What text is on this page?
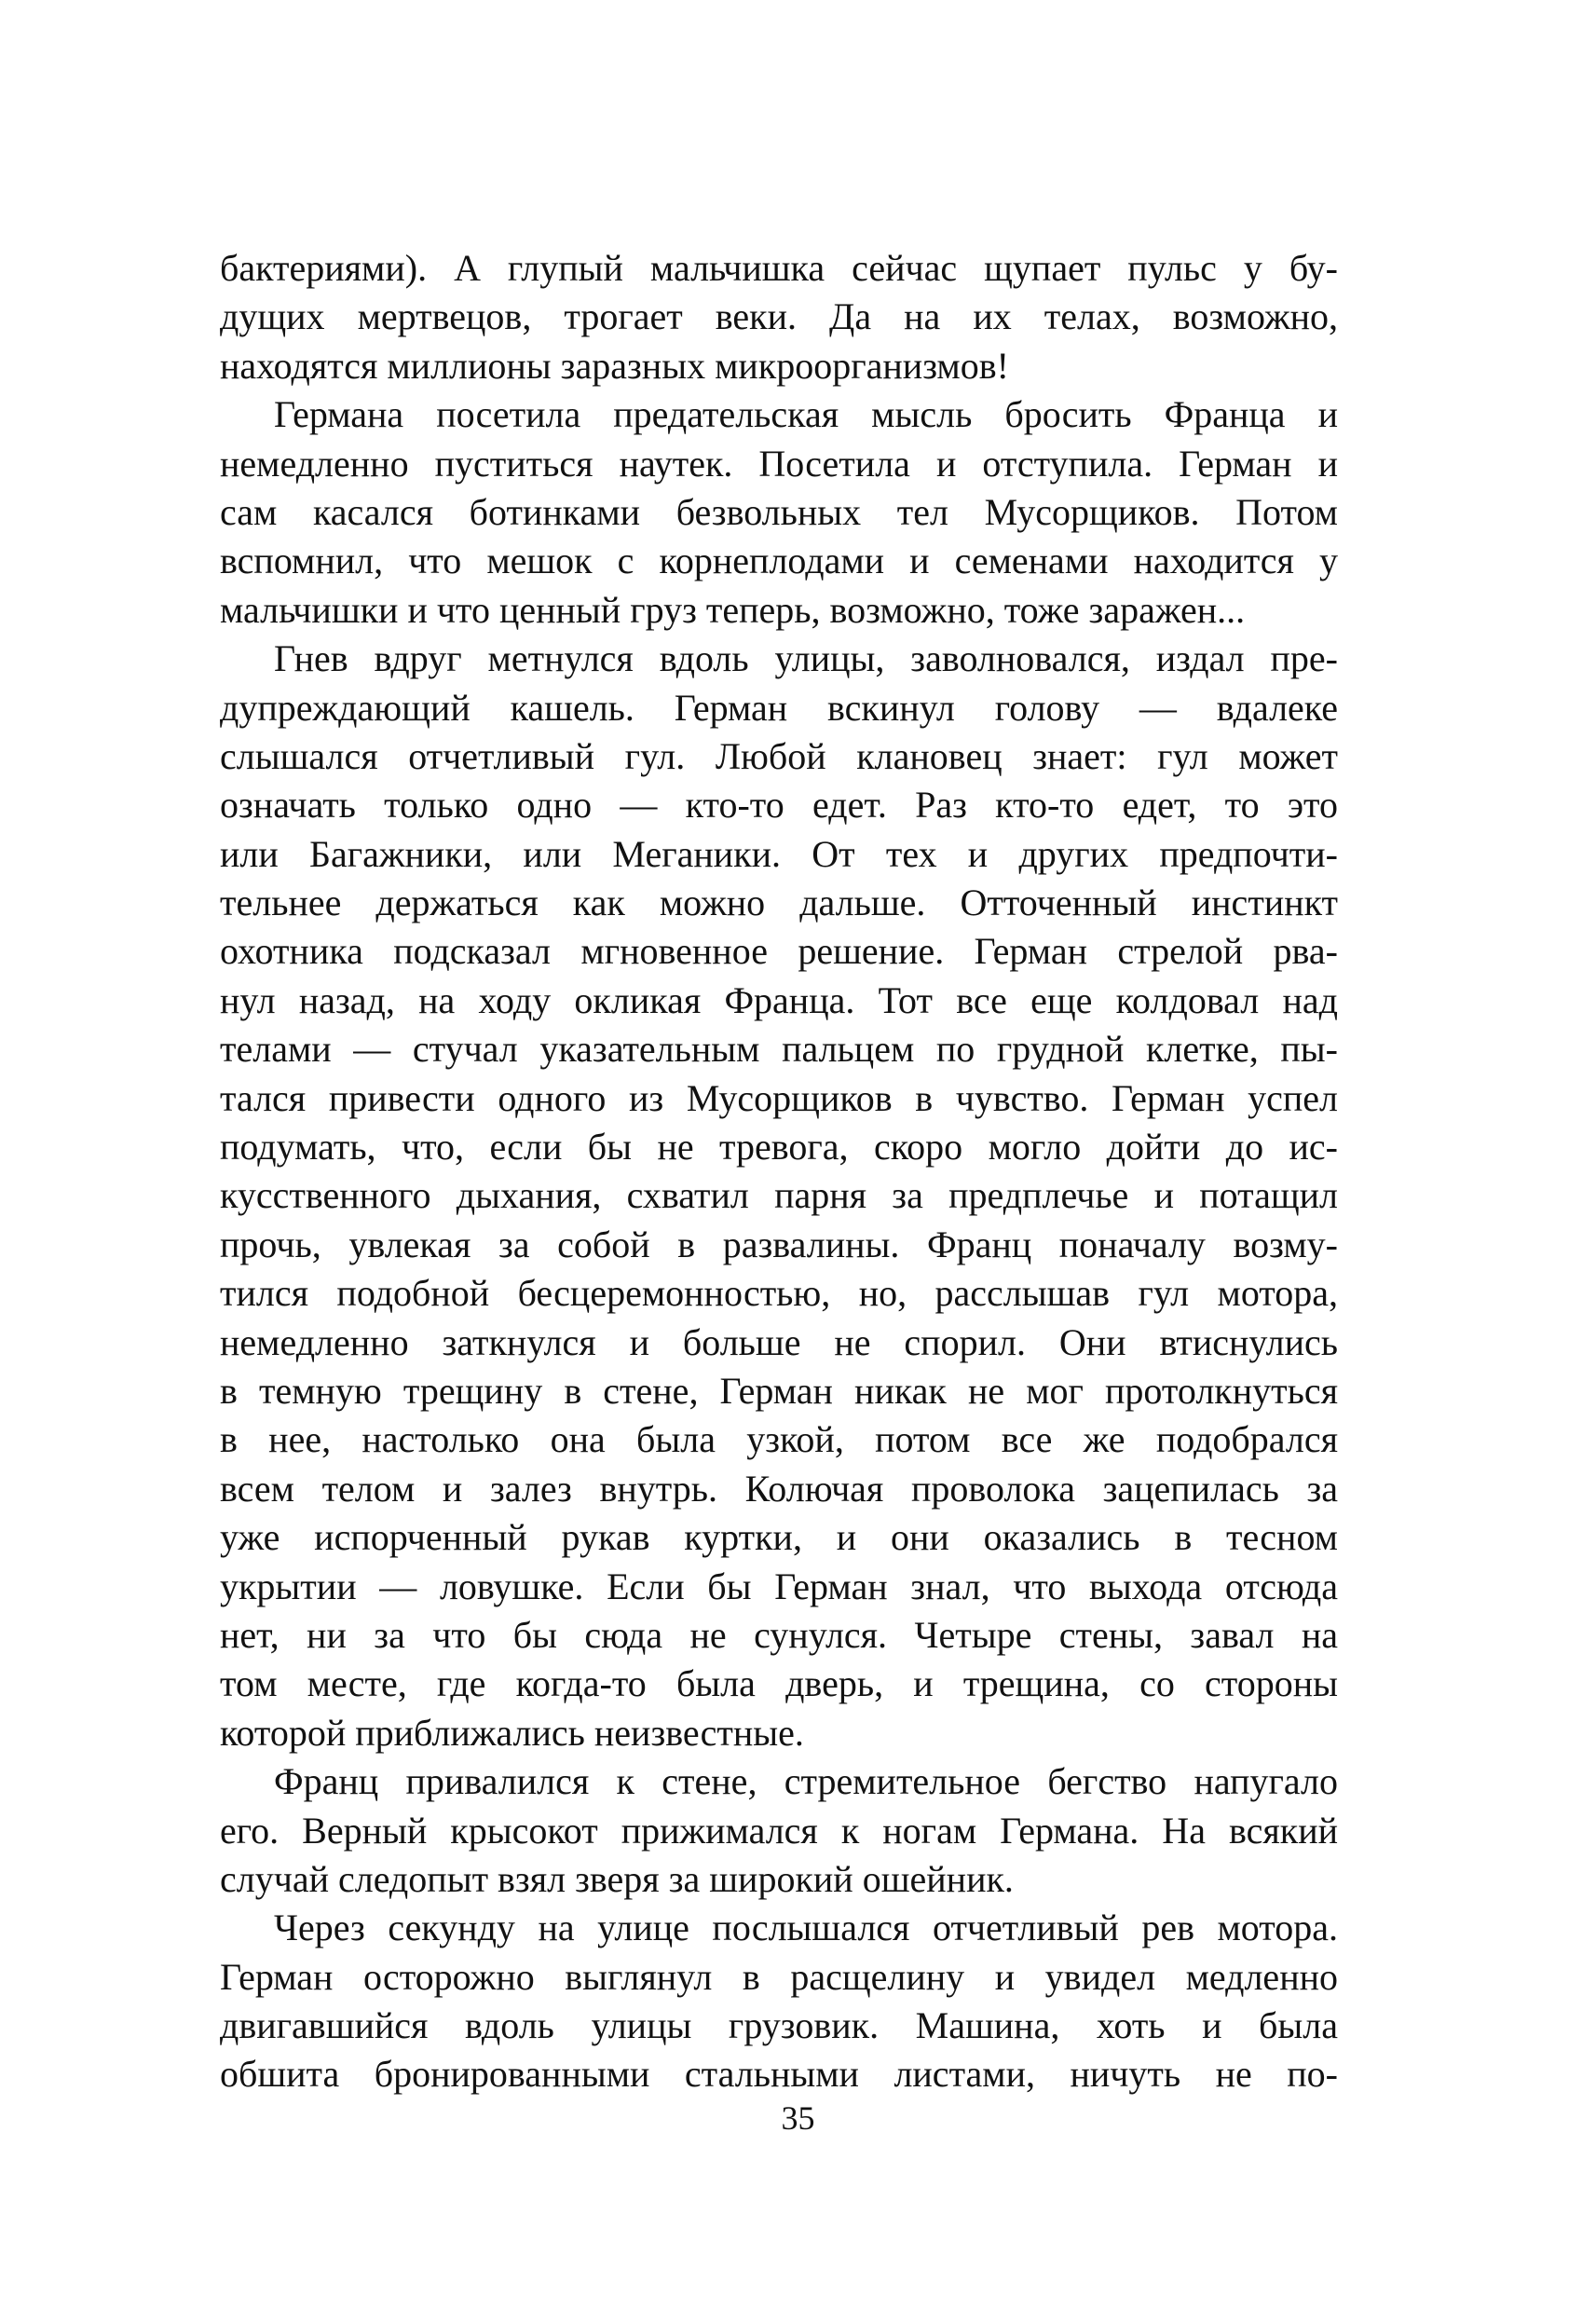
бактериями). А глупый мальчишка сейчас щупает пульс у бу-
дущих мертвецов, трогает веки. Да на их телах, возможно,
находятся миллионы заразных микроорганизмов!
Германа посетила предательская мысль бросить Франца и
немедленно пуститься наутек. Посетила и отступила. Герман и
сам касался ботинками безвольных тел Мусорщиков. Потом
вспомнил, что мешок с корнеплодами и семенами находится у
мальчишки и что ценный груз теперь, возможно, тоже заражен...
Гнев вдруг метнулся вдоль улицы, заволновался, издал пре-
дупреждающий кашель. Герман вскинул голову — вдалеке
слышался отчетливый гул. Любой клановец знает: гул может
означать только одно — кто-то едет. Раз кто-то едет, то это
или Багажники, или Меганики. От тех и других предпочти-
тельнее держаться как можно дальше. Отточенный инстинкт
охотника подсказал мгновенное решение. Герман стрелой рва-
нул назад, на ходу окликая Франца. Тот все еще колдовал над
телами — стучал указательным пальцем по грудной клетке, пы-
тался привести одного из Мусорщиков в чувство. Герман успел
подумать, что, если бы не тревога, скоро могло дойти до ис-
кусственного дыхания, схватил парня за предплечье и потащил
прочь, увлекая за собой в развалины. Франц поначалу возму-
тился подобной бесцеремонностью, но, расслышав гул мотора,
немедленно заткнулся и больше не спорил. Они втиснулись
в темную трещину в стене, Герман никак не мог протолкнуться
в нее, настолько она была узкой, потом все же подобрался
всем телом и залез внутрь. Колючая проволока зацепилась за
уже испорченный рукав куртки, и они оказались в тесном
укрытии — ловушке. Если бы Герман знал, что выхода отсюда
нет, ни за что бы сюда не сунулся. Четыре стены, завал на
том месте, где когда-то была дверь, и трещина, со стороны
которой приближались неизвестные.
Франц привалился к стене, стремительное бегство напугало
его. Верный крысокот прижимался к ногам Германа. На всякий
случай следопыт взял зверя за широкий ошейник.
Через секунду на улице послышался отчетливый рев мотора.
Герман осторожно выглянул в расщелину и увидел медленно
двигавшийся вдоль улицы грузовик. Машина, хоть и была
обшита бронированными стальными листами, ничуть не по-
35
